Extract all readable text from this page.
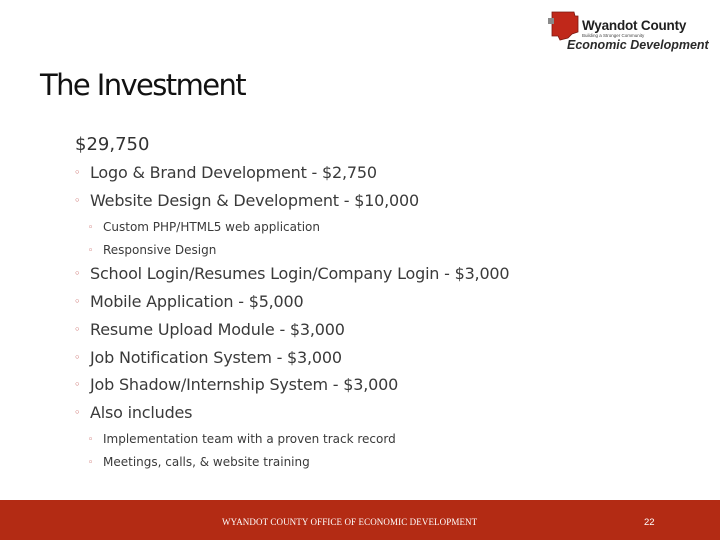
Wyandot County
Building a Stronger Community
Economic Development
The Investment
$29,750
◦ Logo & Brand Development - $2,750
◦ Website Design & Development - $10,000
◦ Custom PHP/HTML5 web application
◦ Responsive Design
◦ School Login/Resumes Login/Company Login - $3,000
◦ Mobile Application - $5,000
◦ Resume Upload Module - $3,000
◦ Job Notification System - $3,000
◦ Job Shadow/Internship System - $3,000
◦ Also includes
◦ Implementation team with a proven track record
◦ Meetings, calls, & website training
WYANDOT COUNTY OFFICE OF ECONOMIC DEVELOPMENT	22
